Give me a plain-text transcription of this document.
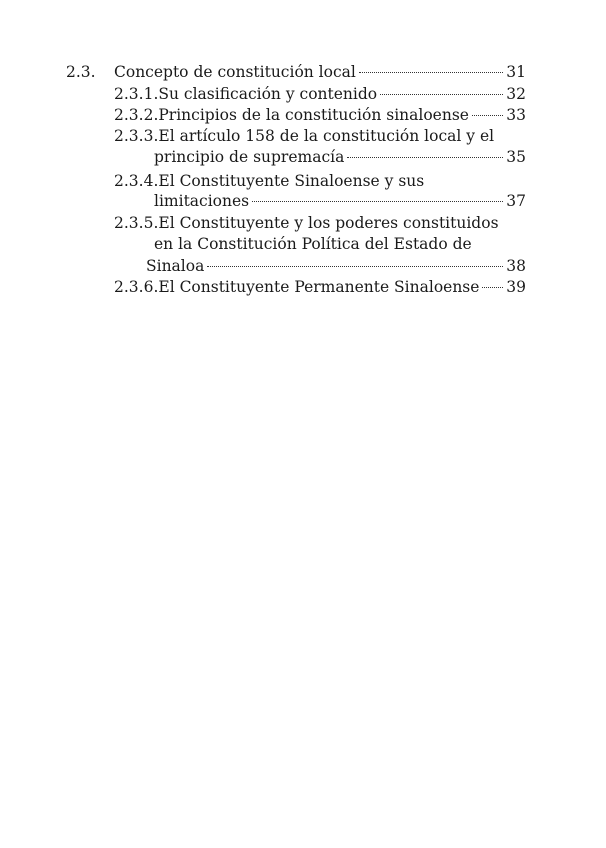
2.3.	Concepto de constitución local	31
2.3.1. Su clasificación y contenido	32
2.3.2. Principios de la constitución sinaloense 33
2.3.3. El artículo 158 de la constitución local y el
principio de supremacía	35
2.3.4. El Constituyente Sinaloense y sus
limitaciones	37
2.3.5. El Constituyente y los poderes constituidos
en la Constitución Política del Estado de
Sinaloa	38
2.3.6. El Constituyente Permanente Sinaloense 39
